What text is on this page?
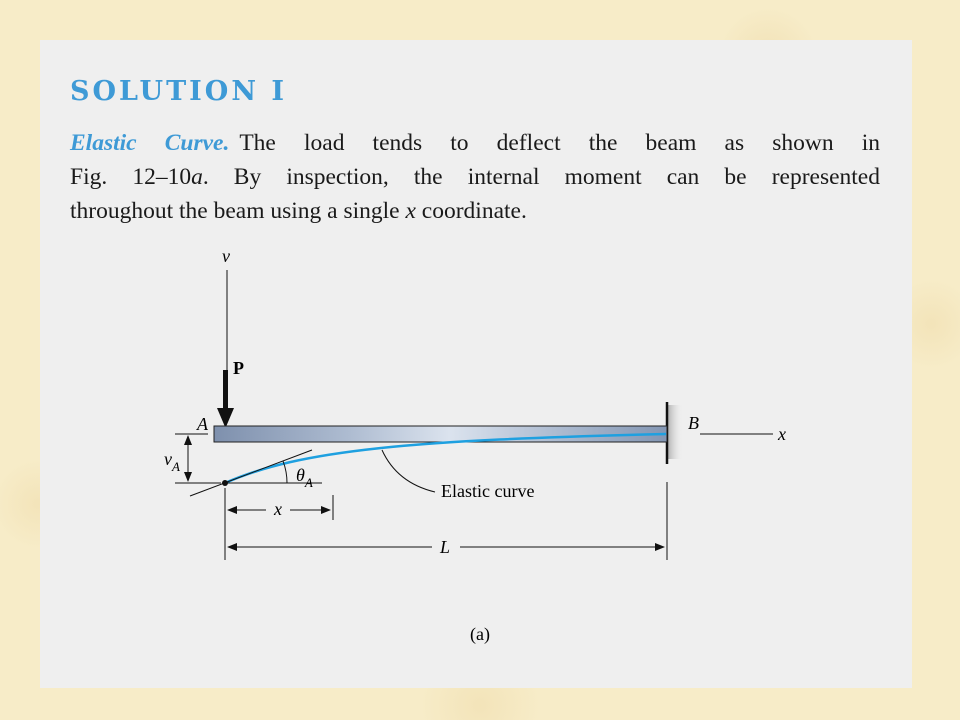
SOLUTION I
Elastic Curve. The load tends to deflect the beam as shown in
Fig. 12–10a. By inspection, the internal moment can be represented
throughout the beam using a single x coordinate.
v
P
x
A	B
$\theta_A$
$v_A$
Elastic curve
x
L
(a)
